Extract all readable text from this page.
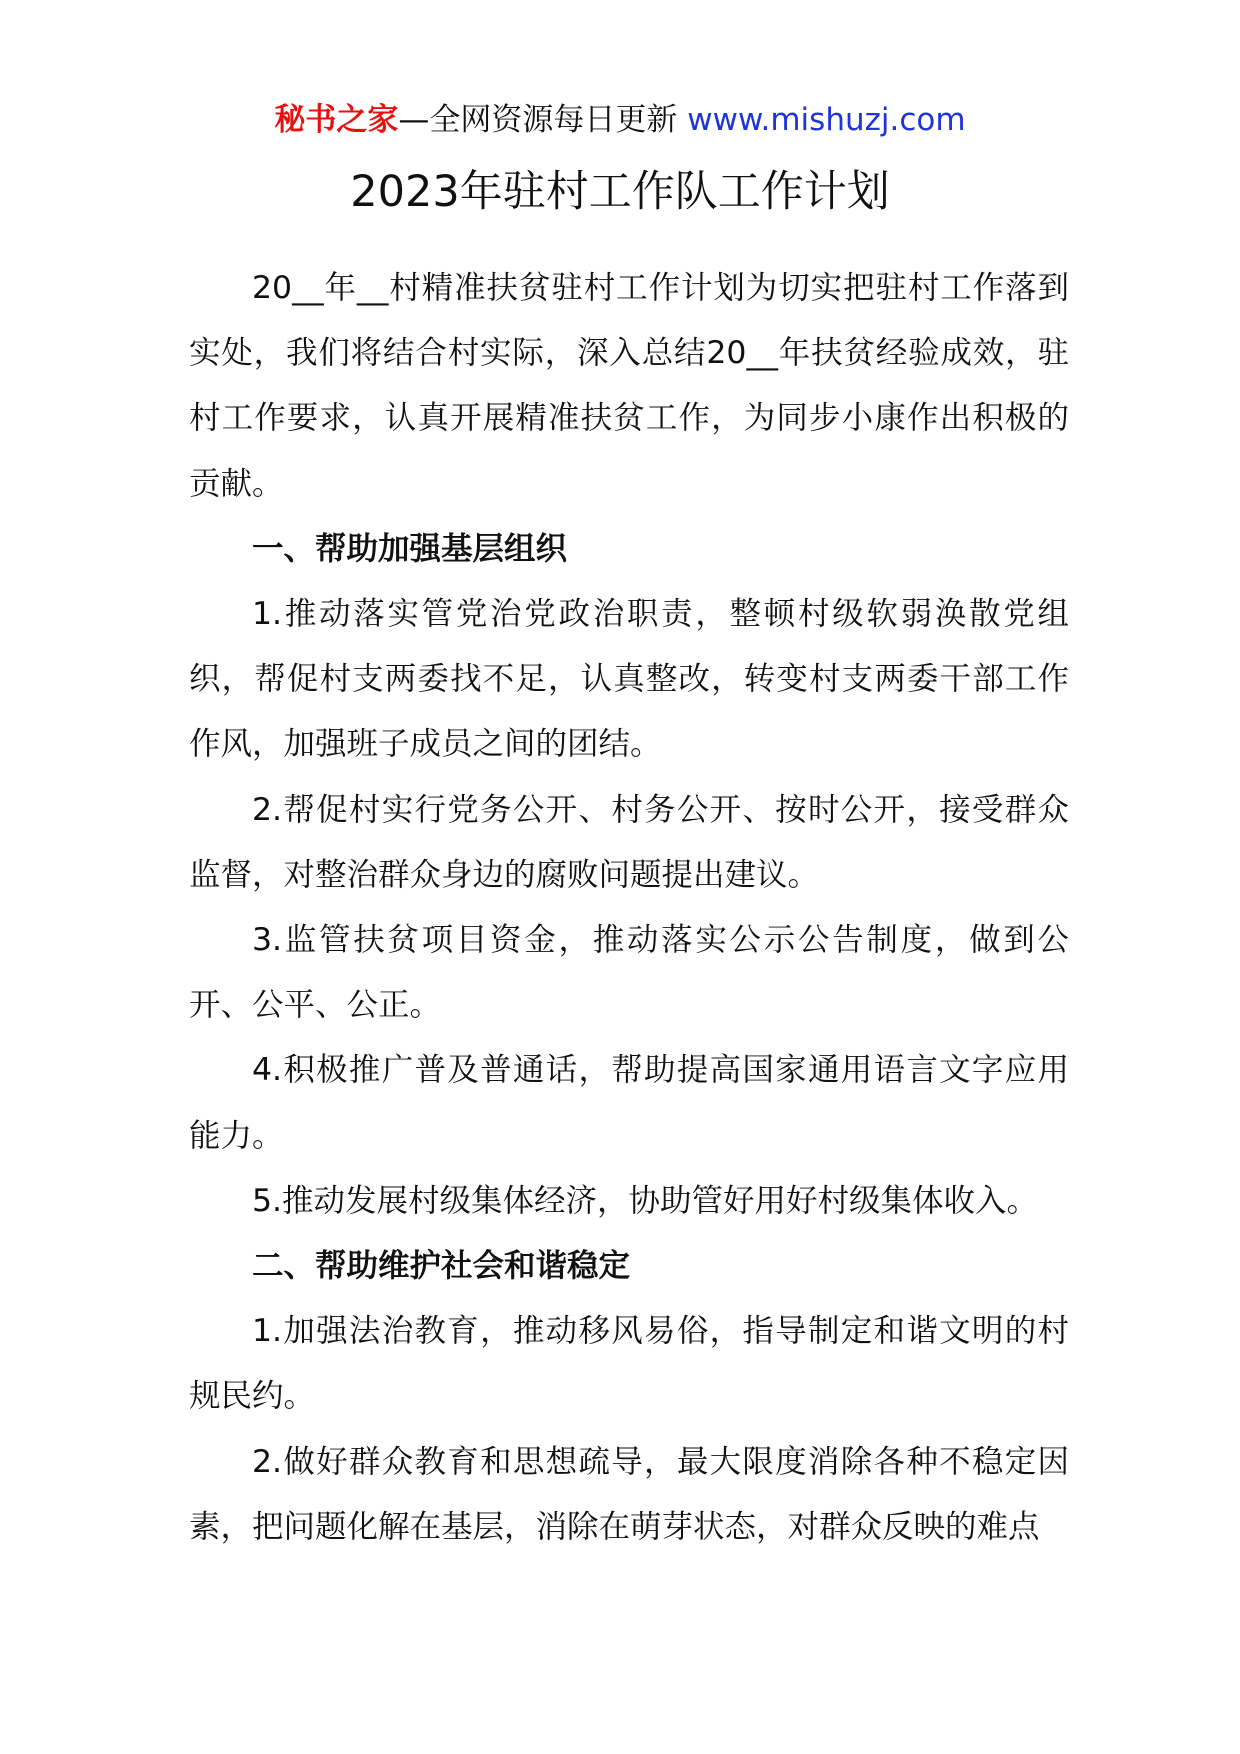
秘书之家—全网资源每日更新 www.mishuzj.com
2023年驻村工作队工作计划

20__年__村精准扶贫驻村工作计划为切实把驻村工作落到实处，我们将结合村实际，深入总结20__年扶贫经验成效，驻村工作要求，认真开展精准扶贫工作，为同步小康作出积极的贡献。

一、帮助加强基层组织

1.推动落实管党治党政治职责，整顿村级软弱涣散党组织，帮促村支两委找不足，认真整改，转变村支两委干部工作作风，加强班子成员之间的团结。

2.帮促村实行党务公开、村务公开、按时公开，接受群众监督，对整治群众身边的腐败问题提出建议。

3.监管扶贫项目资金，推动落实公示公告制度，做到公开、公平、公正。

4.积极推广普及普通话，帮助提高国家通用语言文字应用能力。

5.推动发展村级集体经济，协助管好用好村级集体收入。

二、帮助维护社会和谐稳定

1.加强法治教育，推动移风易俗，指导制定和谐文明的村规民约。

2.做好群众教育和思想疏导，最大限度消除各种不稳定因素，把问题化解在基层，消除在萌芽状态，对群众反映的难点
